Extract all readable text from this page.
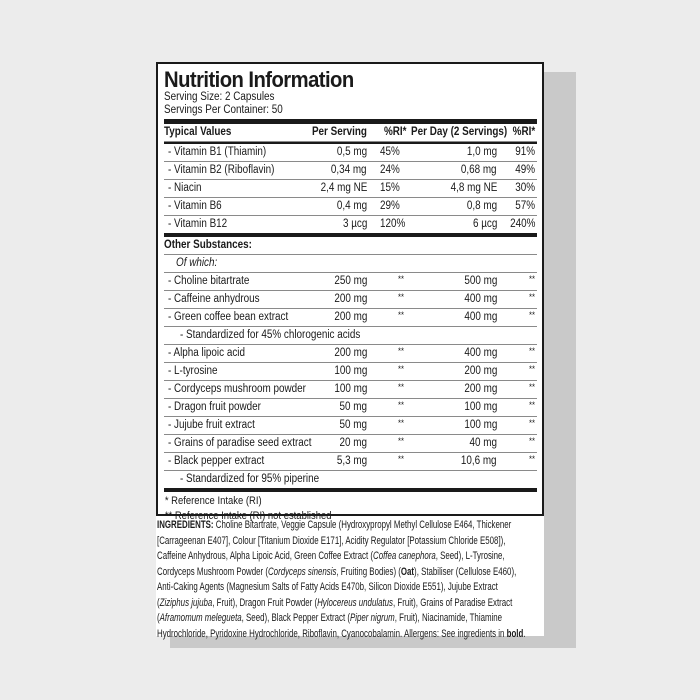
Nutrition Information
Serving Size: 2 Capsules
Servings Per Container: 50
Typical Values	Per Serving %RI* Per Day (2 Servings) %RI*
- Vitamin B1 (Thiamin)	0,5 mg 45%	1,0 mg 91%
- Vitamin B2 (Riboflavin)	0,34 mg 24%	0,68 mg 49%
- Niacin	2,4 mg NE 15%	4,8 mg NE 30%
- Vitamin B6	0,4 mg 29%	0,8 mg 57%
- Vitamin B12	3 µcg 120%	6 µcg 240%
Other Substances:
Of which:
- Choline bitartrate	250 mg	**	500 mg	**
- Caffeine anhydrous	200 mg	**	400 mg	**
- Green coffee bean extract	200 mg	**	400 mg	**
- Standardized for 45% chlorogenic acids
- Alpha lipoic acid	200 mg	**	400 mg	**
- L-tyrosine	100 mg	**	200 mg	**
- Cordyceps mushroom powder 100 mg	**	200 mg	**
- Dragon fruit powder	50 mg	**	100 mg	**
- Jujube fruit extract	50 mg	**	100 mg	**
- Grains of paradise seed extract 20 mg	**	40 mg	**
- Black pepper extract	5,3 mg	**	10,6 mg	**
- Standardized for 95% piperine
* Reference Intake (RI)
** Reference Intake (RI) not established
INGREDIENTS: Choline Bitartrate, Veggie Capsule (Hydroxypropyl Methyl Cellulose E464, Thickener
[Carrageenan E407], Colour [Titanium Dioxide E171], Acidity Regulator [Potassium Chloride E508]),
Caffeine Anhydrous, Alpha Lipoic Acid, Green Coffee Extract (Coffea canephora, Seed), L-Tyrosine,
Cordyceps Mushroom Powder (Cordyceps sinensis, Fruiting Bodies) (Oat), Stabiliser (Cellulose E460),
Anti-Caking Agents (Magnesium Salts of Fatty Acids E470b, Silicon Dioxide E551), Jujube Extract
(Ziziphus jujuba, Fruit), Dragon Fruit Powder (Hylocereus undulatus, Fruit), Grains of Paradise Extract
(Aframomum melegueta, Seed), Black Pepper Extract (Piper nigrum, Fruit), Niacinamide, Thiamine
Hydrochloride, Pyridoxine Hydrochloride, Riboflavin, Cyanocobalamin. Allergens: See ingredients in bold.
